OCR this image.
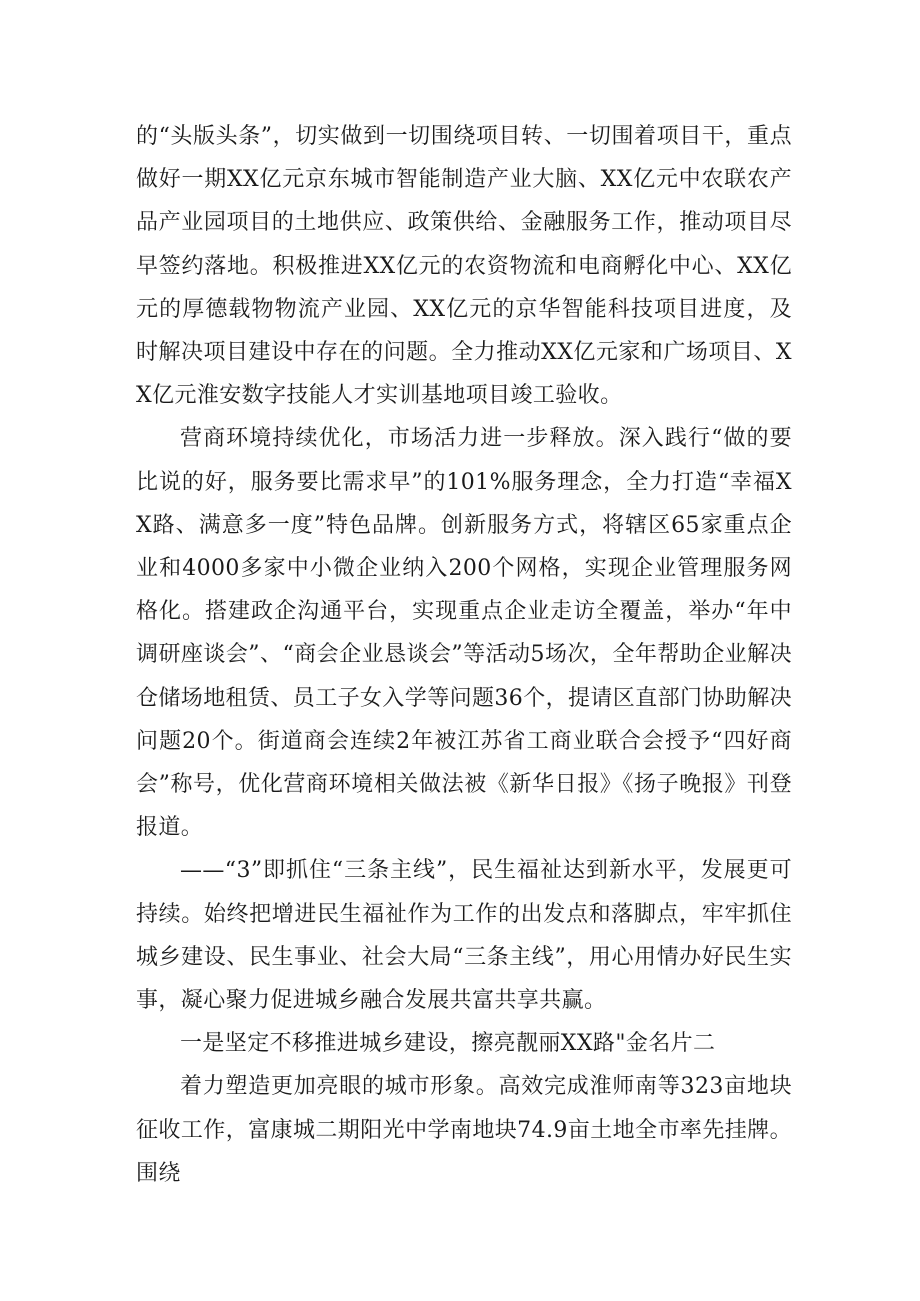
的“头版头条”，切实做到一切围绕项目转、一切围着项目干，重点做好一期XX亿元京东城市智能制造产业大脑、XX亿元中农联农产品产业园项目的土地供应、政策供给、金融服务工作，推动项目尽早签约落地。积极推进XX亿元的农资物流和电商孵化中心、XX亿元的厚德载物物流产业园、XX亿元的京华智能科技项目进度，及时解决项目建设中存在的问题。全力推动XX亿元家和广场项目、XX亿元淮安数字技能人才实训基地项目竣工验收。

营商环境持续优化，市场活力进一步释放。深入践行“做的要比说的好，服务要比需求早”的101%服务理念，全力打造“幸福XX路、满意多一度”特色品牌。创新服务方式，将辖区65家重点企业和4000多家中小微企业纳入200个网格，实现企业管理服务网格化。搭建政企沟通平台，实现重点企业走访全覆盖，举办“年中调研座谈会”、“商会企业恳谈会”等活动5场次，全年帮助企业解决仓储场地租赁、员工子女入学等问题36个，提请区直部门协助解决问题20个。街道商会连续2年被江苏省工商业联合会授予“四好商会”称号，优化营商环境相关做法被《新华日报》《扬子晚报》刊登报道。

——“3”即抓住“三条主线”，民生福祉达到新水平，发展更可持续。始终把增进民生福祉作为工作的出发点和落脚点，牢牢抓住城乡建设、民生事业、社会大局“三条主线”，用心用情办好民生实事，凝心聚力促进城乡融合发展共富共享共赢。

一是坚定不移推进城乡建设，擦亮靓丽XX路"金名片二

着力塑造更加亮眼的城市形象。高效完成淮师南等323亩地块征收工作，富康城二期阳光中学南地块74.9亩土地全市率先挂牌。围绕
